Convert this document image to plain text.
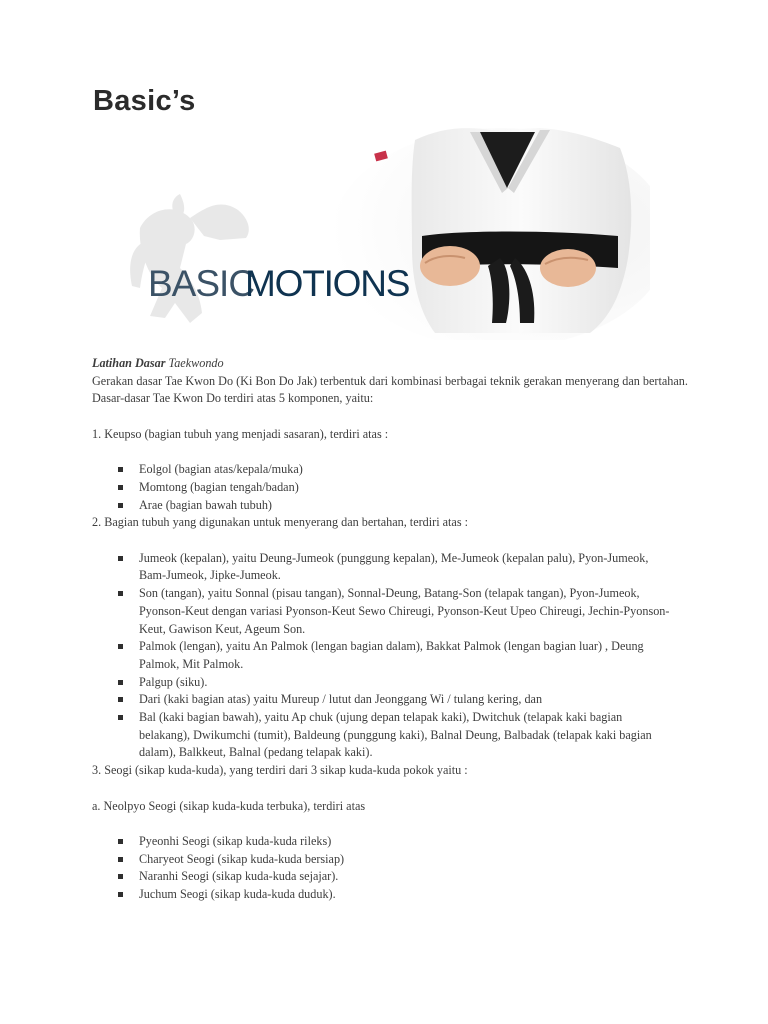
Basic’s
BASIC
MOTIONS

Latihan Dasar Taekwondo

Gerakan dasar Tae Kwon Do (Ki Bon Do Jak) terbentuk dari kombinasi berbagai teknik gerakan menyerang dan bertahan. Dasar-dasar Tae Kwon Do terdiri atas 5 komponen, yaitu:

1. Keupso (bagian tubuh yang menjadi sasaran), terdiri atas :

Eolgol (bagian atas/kepala/muka)
Momtong (bagian tengah/badan)
Arae (bagian bawah tubuh)

2. Bagian tubuh yang digunakan untuk menyerang dan bertahan, terdiri atas :

Jumeok (kepalan), yaitu Deung-Jumeok (punggung kepalan), Me-Jumeok (kepalan palu), Pyon-Jumeok, Bam-Jumeok, Jipke-Jumeok.
Son (tangan), yaitu Sonnal (pisau tangan), Sonnal-Deung, Batang-Son (telapak tangan), Pyon-Jumeok, Pyonson-Keut dengan variasi Pyonson-Keut Sewo Chireugi, Pyonson-Keut Upeo Chireugi, Jechin-Pyonson-Keut, Gawison Keut, Ageum Son.
Palmok (lengan), yaitu An Palmok (lengan bagian dalam), Bakkat Palmok (lengan bagian luar) , Deung Palmok, Mit Palmok.
Palgup (siku).
Dari (kaki bagian atas) yaitu Mureup / lutut dan Jeonggang Wi / tulang kering, dan
Bal (kaki bagian bawah), yaitu Ap chuk (ujung depan telapak kaki), Dwitchuk (telapak kaki bagian belakang), Dwikumchi (tumit), Baldeung (punggung kaki), Balnal Deung, Balbadak (telapak kaki bagian dalam), Balkkeut, Balnal (pedang telapak kaki).

3. Seogi (sikap kuda-kuda), yang terdiri dari 3 sikap kuda-kuda pokok yaitu :

a. Neolpyo Seogi (sikap kuda-kuda terbuka), terdiri atas

Pyeonhi Seogi (sikap kuda-kuda rileks)
Charyeot Seogi (sikap kuda-kuda bersiap)
Naranhi Seogi (sikap kuda-kuda sejajar).
Juchum Seogi (sikap kuda-kuda duduk).
